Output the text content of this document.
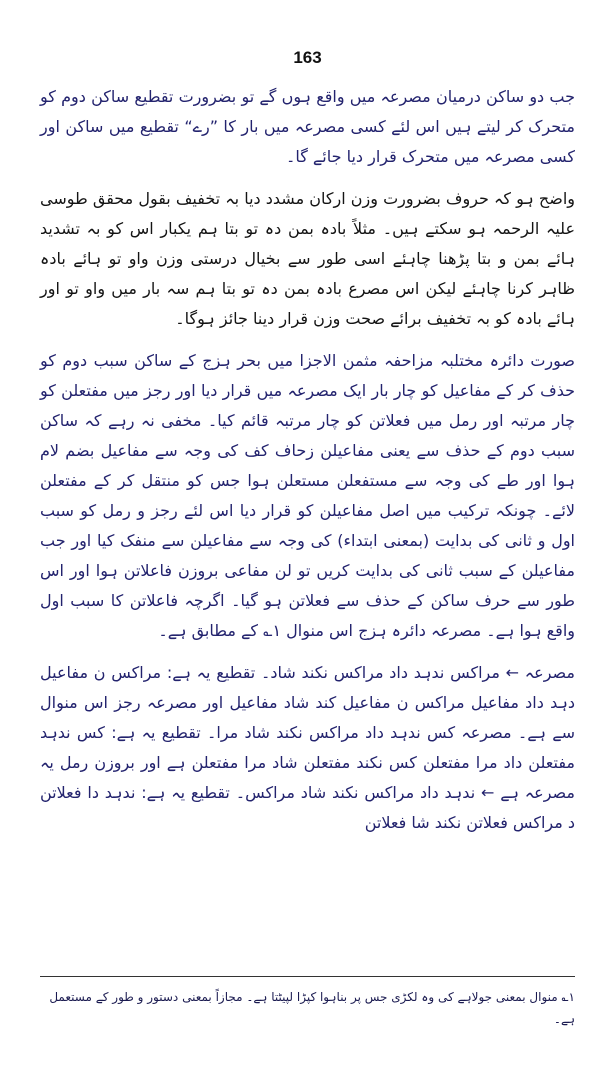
163

جب دو ساکن درمیان مصرعہ میں واقع ہوں گے تو بضرورت تقطیع ساکن دوم کو متحرک کر لیتے ہیں اس لئے کسی مصرعہ میں بار کا ”رے“ تقطیع میں ساکن اور کسی مصرعہ میں متحرک قرار دیا جائے گا۔

واضح ہو کہ حروف بضرورت وزن ارکان مشدد دیا بہ تخفیف بقول محقق طوسی علیہ الرحمہ ہو سکتے ہیں۔ مثلاً بادہ بمن دہ تو بتا ہم یکبار اس کو بہ تشدید ہائے بمن و بتا پڑھنا چاہئے اسی طور سے بخیال درستی وزن واو تو ہائے بادہ ظاہر کرنا چاہئے لیکن اس مصرع بادہ بمن دہ تو بتا ہم سہ بار میں واو تو اور ہائے بادہ کو بہ تخفیف برائے صحت وزن قرار دینا جائز ہوگا۔

صورت دائرہ مختلبہ مزاحفہ مثمن الاجزا میں بحر ہزج کے ساکن سبب دوم کو حذف کر کے مفاعیل کو چار بار ایک مصرعہ میں قرار دیا اور رجز میں مفتعلن کو چار مرتبہ اور رمل میں فعلاتن کو چار مرتبہ قائم کیا۔ مخفی نہ رہے کہ ساکن سبب دوم کے حذف سے یعنی مفاعیلن زحاف کف کی وجہ سے مفاعیل بضم لام ہوا اور طے کی وجہ سے مستفعلن مستعلن ہوا جس کو منتقل کر کے مفتعلن لائے۔ چونکہ ترکیب میں اصل مفاعیلن کو قرار دیا اس لئے رجز و رمل کو سبب اول و ثانی کی بدایت (بمعنی ابتداء) کی وجہ سے مفاعیلن سے منفک کیا اور جب مفاعیلن کے سبب ثانی کی بدایت کریں تو لن مفاعی بروزن فاعلاتن ہوا اور اس طور سے حرف ساکن کے حذف سے فعلاتن ہو گیا۔ اگرچہ فاعلاتن کا سبب اول واقع ہوا ہے۔ مصرعہ دائرہ ہزج اس منوال ۱؎ کے مطابق ہے۔

مصرعہ ← مراکس ندہد داد مراکس نکند شاد۔ تقطیع یہ ہے: مراکس ن مفاعیل دہد داد مفاعیل مراکس ن مفاعیل کند شاد مفاعیل اور مصرعہ رجز اس منوال سے ہے۔ مصرعہ کس ندہد داد مراکس نکند شاد مرا۔ تقطیع یہ ہے: کس ندہد مفتعلن داد مرا مفتعلن کس نکند مفتعلن شاد مرا مفتعلن ہے اور بروزن رمل یہ مصرعہ ہے ← ندہد داد مراکس نکند شاد مراکس۔ تقطیع یہ ہے: ندہد دا فعلاتن د مراکس فعلاتن نکند شا فعلاتن

۱؎ منوال بمعنی جولاہے کی وہ لکڑی جس پر بناہوا کپڑا لپیٹتا ہے۔ مجازاً بمعنی دستور و طور کے مستعمل ہے۔
